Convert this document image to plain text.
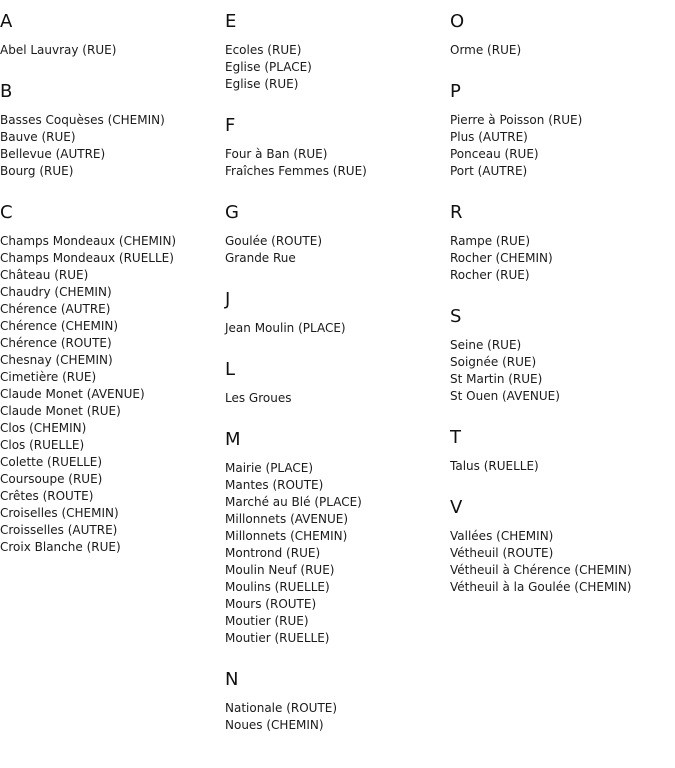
A
Abel Lauvray (RUE)
B
Basses Coquèses (CHEMIN)
Bauve (RUE)
Bellevue (AUTRE)
Bourg (RUE)
C
Champs Mondeaux (CHEMIN)
Champs Mondeaux (RUELLE)
Château (RUE)
Chaudry (CHEMIN)
Chérence (AUTRE)
Chérence (CHEMIN)
Chérence (ROUTE)
Chesnay (CHEMIN)
Cimetière (RUE)
Claude Monet (AVENUE)
Claude Monet (RUE)
Clos (CHEMIN)
Clos (RUELLE)
Colette (RUELLE)
Coursoupe (RUE)
Crêtes (ROUTE)
Croiselles (CHEMIN)
Croisselles (AUTRE)
Croix Blanche (RUE)
E
Ecoles (RUE)
Eglise (PLACE)
Eglise (RUE)
F
Four à Ban (RUE)
Fraîches Femmes (RUE)
G
Goulée (ROUTE)
Grande Rue
J
Jean Moulin (PLACE)
L
Les Groues
M
Mairie (PLACE)
Mantes (ROUTE)
Marché au Blé (PLACE)
Millonnets (AVENUE)
Millonnets (CHEMIN)
Montrond (RUE)
Moulin Neuf (RUE)
Moulins (RUELLE)
Mours (ROUTE)
Moutier (RUE)
Moutier (RUELLE)
N
Nationale (ROUTE)
Noues (CHEMIN)
O
Orme (RUE)
P
Pierre à Poisson (RUE)
Plus (AUTRE)
Ponceau (RUE)
Port (AUTRE)
R
Rampe (RUE)
Rocher (CHEMIN)
Rocher (RUE)
S
Seine (RUE)
Soignée (RUE)
St Martin (RUE)
St Ouen (AVENUE)
T
Talus (RUELLE)
V
Vallées (CHEMIN)
Vétheuil (ROUTE)
Vétheuil à Chérence (CHEMIN)
Vétheuil à la Goulée (CHEMIN)
